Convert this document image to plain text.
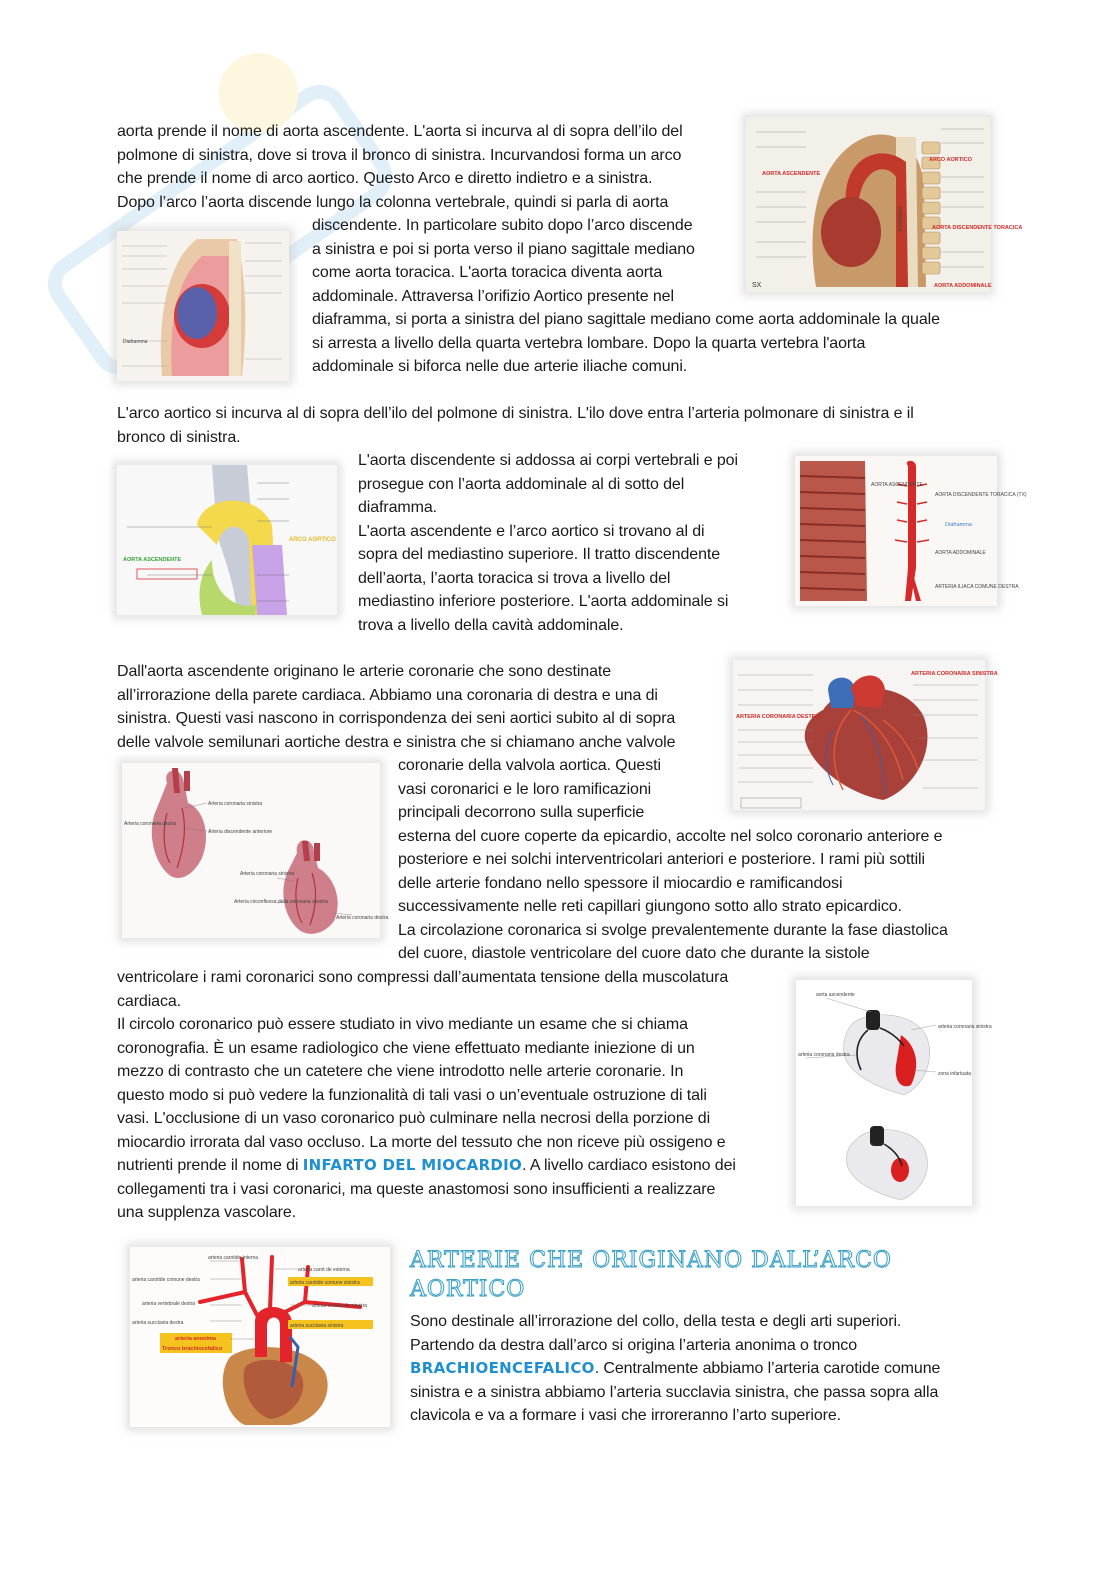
aorta prende il nome di aorta ascendente. L'aorta si incurva al di sopra dell’ilo del
polmone di sinistra, dove si trova il bronco di sinistra. Incurvandosi forma un arco
che prende il nome di arco aortico. Questo Arco e diretto indietro e a sinistra.
Dopo l’arco l’aorta discende lungo la colonna vertebrale, quindi si parla di aorta
discendente. In particolare subito dopo l’arco discende
a sinistra e poi si porta verso il piano sagittale mediano
come aorta toracica. L'aorta toracica diventa aorta
addominale. Attraversa l’orifizio Aortico presente nel
diaframma, si porta a sinistra del piano sagittale mediano come aorta addominale la quale
si arresta a livello della quarta vertebra lombare. Dopo la quarta vertebra l'aorta
addominale si biforca nelle due arterie iliache comuni.
ARCO AORTICO
AORTA ASCENDENTE
AORTA DISCENDENTE TORACICA
AORTA ADDOMINALE
ESOFAGO
SX
Diaframma
L'arco aortico si incurva al di sopra dell’ilo del polmone di sinistra. L'ilo dove entra l’arteria polmonare di sinistra e il
bronco di sinistra.
L'aorta discendente si addossa ai corpi vertebrali e poi
prosegue con l’aorta addominale al di sotto del
diaframma.
L'aorta ascendente e l’arco aortico si trovano al di
sopra del mediastino superiore. Il tratto discendente
dell’aorta, l’aorta toracica si trova a livello del
mediastino inferiore posteriore. L'aorta addominale si
trova a livello della cavità addominale.
ARCO AORTICO
AORTA ASCENDENTE
AORTA ASCENDENTE
AORTA DISCENDENTE TORACICA (TX)
Diaframma
AORTA ADDOMINALE
ARTERIA ILIACA COMUNE DESTRA
Dall'aorta ascendente originano le arterie coronarie che sono destinate
all’irrorazione della parete cardiaca. Abbiamo una coronaria di destra e una di
sinistra. Questi vasi nascono in corrispondenza dei seni aortici subito al di sopra
delle valvole semilunari aortiche destra e sinistra che si chiamano anche valvole
coronarie della valvola aortica. Questi
vasi coronarici e le loro ramificazioni
principali decorrono sulla superficie
esterna del cuore coperte da epicardio, accolte nel solco coronario anteriore e
posteriore e nei solchi interventricolari anteriori e posteriore. I rami più sottili
delle arterie fondano nello spessore il miocardio e ramificandosi
successivamente nelle reti capillari giungono sotto allo strato epicardico.
La circolazione coronarica si svolge prevalentemente durante la fase diastolica
del cuore, diastole ventricolare del cuore dato che durante la sistole
ventricolare i rami coronarici sono compressi dall’aumentata tensione della muscolatura
cardiaca.
Il circolo coronarico può essere studiato in vivo mediante un esame che si chiama
coronografia. È un esame radiologico che viene effettuato mediante iniezione di un
mezzo di contrasto che un catetere che viene introdotto nelle arterie coronarie. In
questo modo si può vedere la funzionalità di tali vasi o un’eventuale ostruzione di tali
vasi. L'occlusione di un vaso coronarico può culminare nella necrosi della porzione di
miocardio irrorata dal vaso occluso. La morte del tessuto che non riceve più ossigeno e
nutrienti prende il nome di INFARTO DEL MIOCARDIO. A livello cardiaco esistono dei
collegamenti tra i vasi coronarici, ma queste anastomosi sono insufficienti a realizzare
una supplenza vascolare.
ARTERIA CORONARIA SINISTRA
ARTERIA CORONARIA DESTRA
Arteria coronaria destra
Arteria coronaria sinistra
Arteria discendente anteriore
Arteria coronaria sinistra
Arteria circonflessa della coronaria sinistra
Arteria coronaria destra
aorta ascendente
arteria coronaria sinistra
arteria coronaria destra
zona infartuata
arteria carotide interna
arteria carotide comune destra
arteria vertebrale destra
arteria succlavia destra
arteria anonima
Tronco brachiocefalico
arteria carot de esterna
arteria carotide comune sinistra
arteria vertebrale sinistra
arteria succlavia sinistra
ARTERIE CHE ORIGINANO DALL’ARCO
AORTICO
Sono destinale all’irrorazione del collo, della testa e degli arti superiori.
Partendo da destra dall’arco si origina l’arteria anonima o tronco
BRACHIOENCEFALICO. Centralmente abbiamo l’arteria carotide comune
sinistra e a sinistra abbiamo l’arteria succlavia sinistra, che passa sopra alla
clavicola e va a formare i vasi che irroreranno l’arto superiore.
